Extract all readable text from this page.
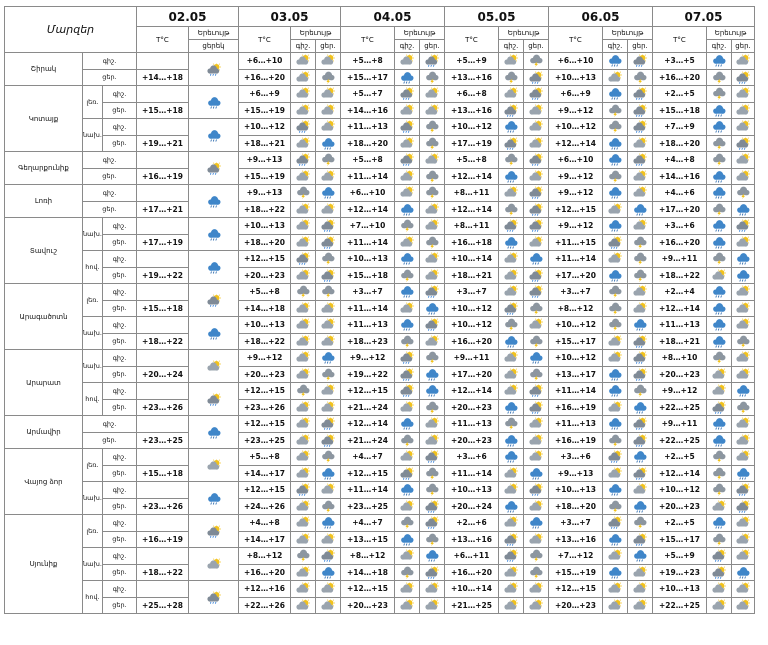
Մարզեր			02.05		03.05			04.05			05.05			06.05			07.05		
			T°C	Երեւույթ	T°C	Երեւույթ		T°C	Երեւույթ		T°C	Երեւույթ		T°C	Երեւույթ		T°C	Երեւույթ	
				ցերեկ		գիշ.	ցեր.		գիշ.	ցեր.		գիշ.	ցեր.		գիշ.	ցեր.		գիշ.	ցեր.
Շիրակ	գիշ.				+6…+10			+5…+8			+5…+9			+6…+10			+3…+5	

	ցեր.		+14…+18		+16…+20			+15…+17			+13…+16			+10…+13			+16…+20	

Կոտայք	լեռ.	գիշ.			+6…+9			+5…+7			+6…+8			+6…+9			+2…+5	

		ցեր.	+15…+18		+15…+19			+14…+16			+13…+16			+9…+12			+15…+18	

	նախ.	գիշ.			+10…+12			+11…+13			+10…+12			+10…+12			+7…+9	

		ցեր.	+19…+21		+18…+21			+18…+20			+17…+19			+12…+14			+18…+20	

Գեղարքունիք	գիշ.				+9…+13			+5…+8			+5…+8			+6…+10			+4…+8	

	ցեր.		+16…+19		+15…+19			+11…+14			+12…+14			+9…+12			+14…+16	

Լոռի	գիշ.				+9…+13			+6…+10			+8…+11			+9…+12			+4…+6	

	ցեր.		+17…+21		+18…+22			+12…+14			+12…+14			+12…+15			+17…+20	

Տավուշ	նախ.	գիշ.			+10…+13			+7…+10			+8…+11			+9…+12			+3…+6	

		ցեր.	+17…+19		+18…+20			+11…+14			+16…+18			+11…+15			+16…+20	

	հով.	գիշ.			+12…+15			+10…+13			+10…+14			+11…+14			+9…+11	

		ցեր.	+19…+22		+20…+23			+15…+18			+18…+21			+17…+20			+18…+22	

Արագածոտն	լեռ.	գիշ.			+5…+8			+3…+7			+3…+7			+3…+7			+2…+4	

		ցեր.	+15…+18		+14…+18			+11…+14			+10…+12			+8…+12			+12…+14	

	նախ.	գիշ.			+10…+13			+11…+13			+10…+12			+10…+12			+11…+13	

		ցեր.	+18…+22		+18…+22			+18…+23			+16…+20			+15…+17			+18…+21	

Արարատ	նախ.	գիշ.			+9…+12			+9…+12			+9…+11			+10…+12			+8…+10	

		ցեր.	+20…+24		+20…+23			+19…+22			+17…+20			+13…+17			+20…+23	

	հով.	գիշ.			+12…+15			+12…+15			+12…+14			+11…+14			+9…+12	

		ցեր.	+23…+26		+23…+26			+21…+24			+20…+23			+16…+19			+22…+25	

Արմավիր	գիշ.				+12…+15			+12…+14			+11…+13			+11…+13			+9…+11	

	ցեր.		+23…+25		+23…+25			+21…+24			+20…+23			+16…+19			+22…+25	

Վայոց ձոր	լեռ.	գիշ.			+5…+8			+4…+7			+3…+6			+3…+6			+2…+5	

		ցեր.	+15…+18		+14…+17			+12…+15			+11…+14			+9…+13			+12…+14	

	նախ.	գիշ.			+12…+15			+11…+14			+10…+13			+10…+13			+10…+12	

		ցեր.	+23…+26		+24…+26			+23…+25			+20…+24			+18…+20			+20…+23	

Սյունիք	լեռ.	գիշ.			+4…+8			+4…+7			+2…+6			+3…+7			+2…+5	

		ցեր.	+16…+19		+14…+17			+13…+15			+13…+16			+13…+16			+15…+17	

	նախ.	գիշ.			+8…+12			+8…+12			+6…+11			+7…+12			+5…+9	

		ցեր.	+18…+22		+16…+20			+14…+18			+16…+20			+15…+19			+19…+23	

	հով.	գիշ.			+12…+16			+12…+15			+10…+14			+12…+15			+10…+13	

		ցեր.	+25…+28		+22…+26			+20…+23			+21…+25			+20…+23			+22…+25	
